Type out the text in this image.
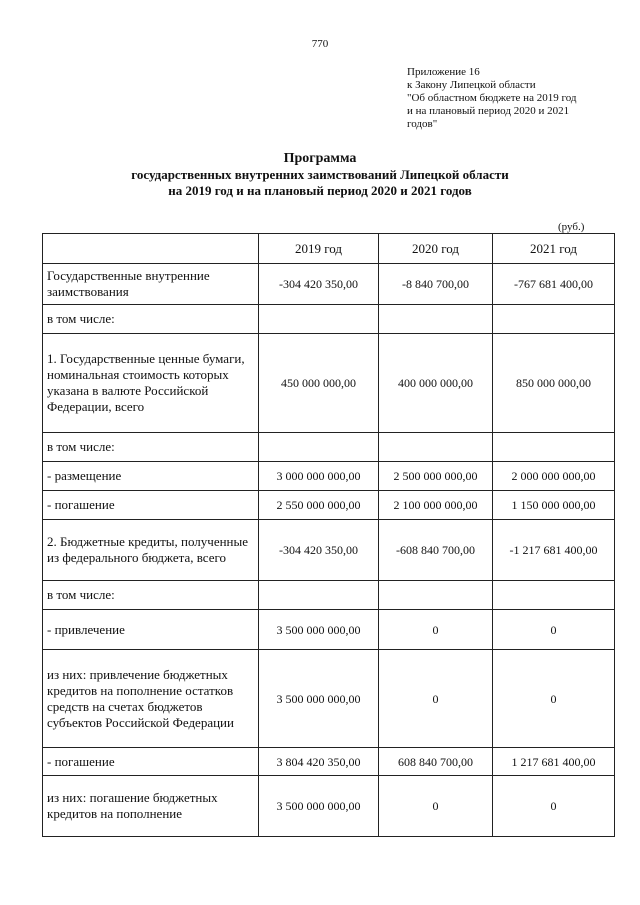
770
Приложение 16
к Закону Липецкой области
"Об областном бюджете на 2019 год
и на плановый период 2020 и 2021
годов"
Программа
государственных внутренних заимствований Липецкой области
на 2019 год и на плановый период 2020 и 2021 годов
(руб.)
	2019 год	2020 год	2021 год
Государственные внутренние заимствования	-304 420 350,00	-8 840 700,00	-767 681 400,00
в том числе:			
1. Государственные ценные бумаги, номинальная стоимость которых указана в валюте Российской Федерации, всего	450 000 000,00	400 000 000,00	850 000 000,00
в том числе:			
- размещение	3 000 000 000,00	2 500 000 000,00	2 000 000 000,00
- погашение	2 550 000 000,00	2 100 000 000,00	1 150 000 000,00
2. Бюджетные кредиты, полученные из федерального бюджета, всего	-304 420 350,00	-608 840 700,00	-1 217 681 400,00
в том числе:			
- привлечение	3 500 000 000,00	0	0
из них: привлечение бюджетных кредитов на пополнение остатков средств на счетах бюджетов субъектов Российской Федерации	3 500 000 000,00	0	0
- погашение	3 804 420 350,00	608 840 700,00	1 217 681 400,00
из них: погашение бюджетных кредитов на пополнение	3 500 000 000,00	0	0
